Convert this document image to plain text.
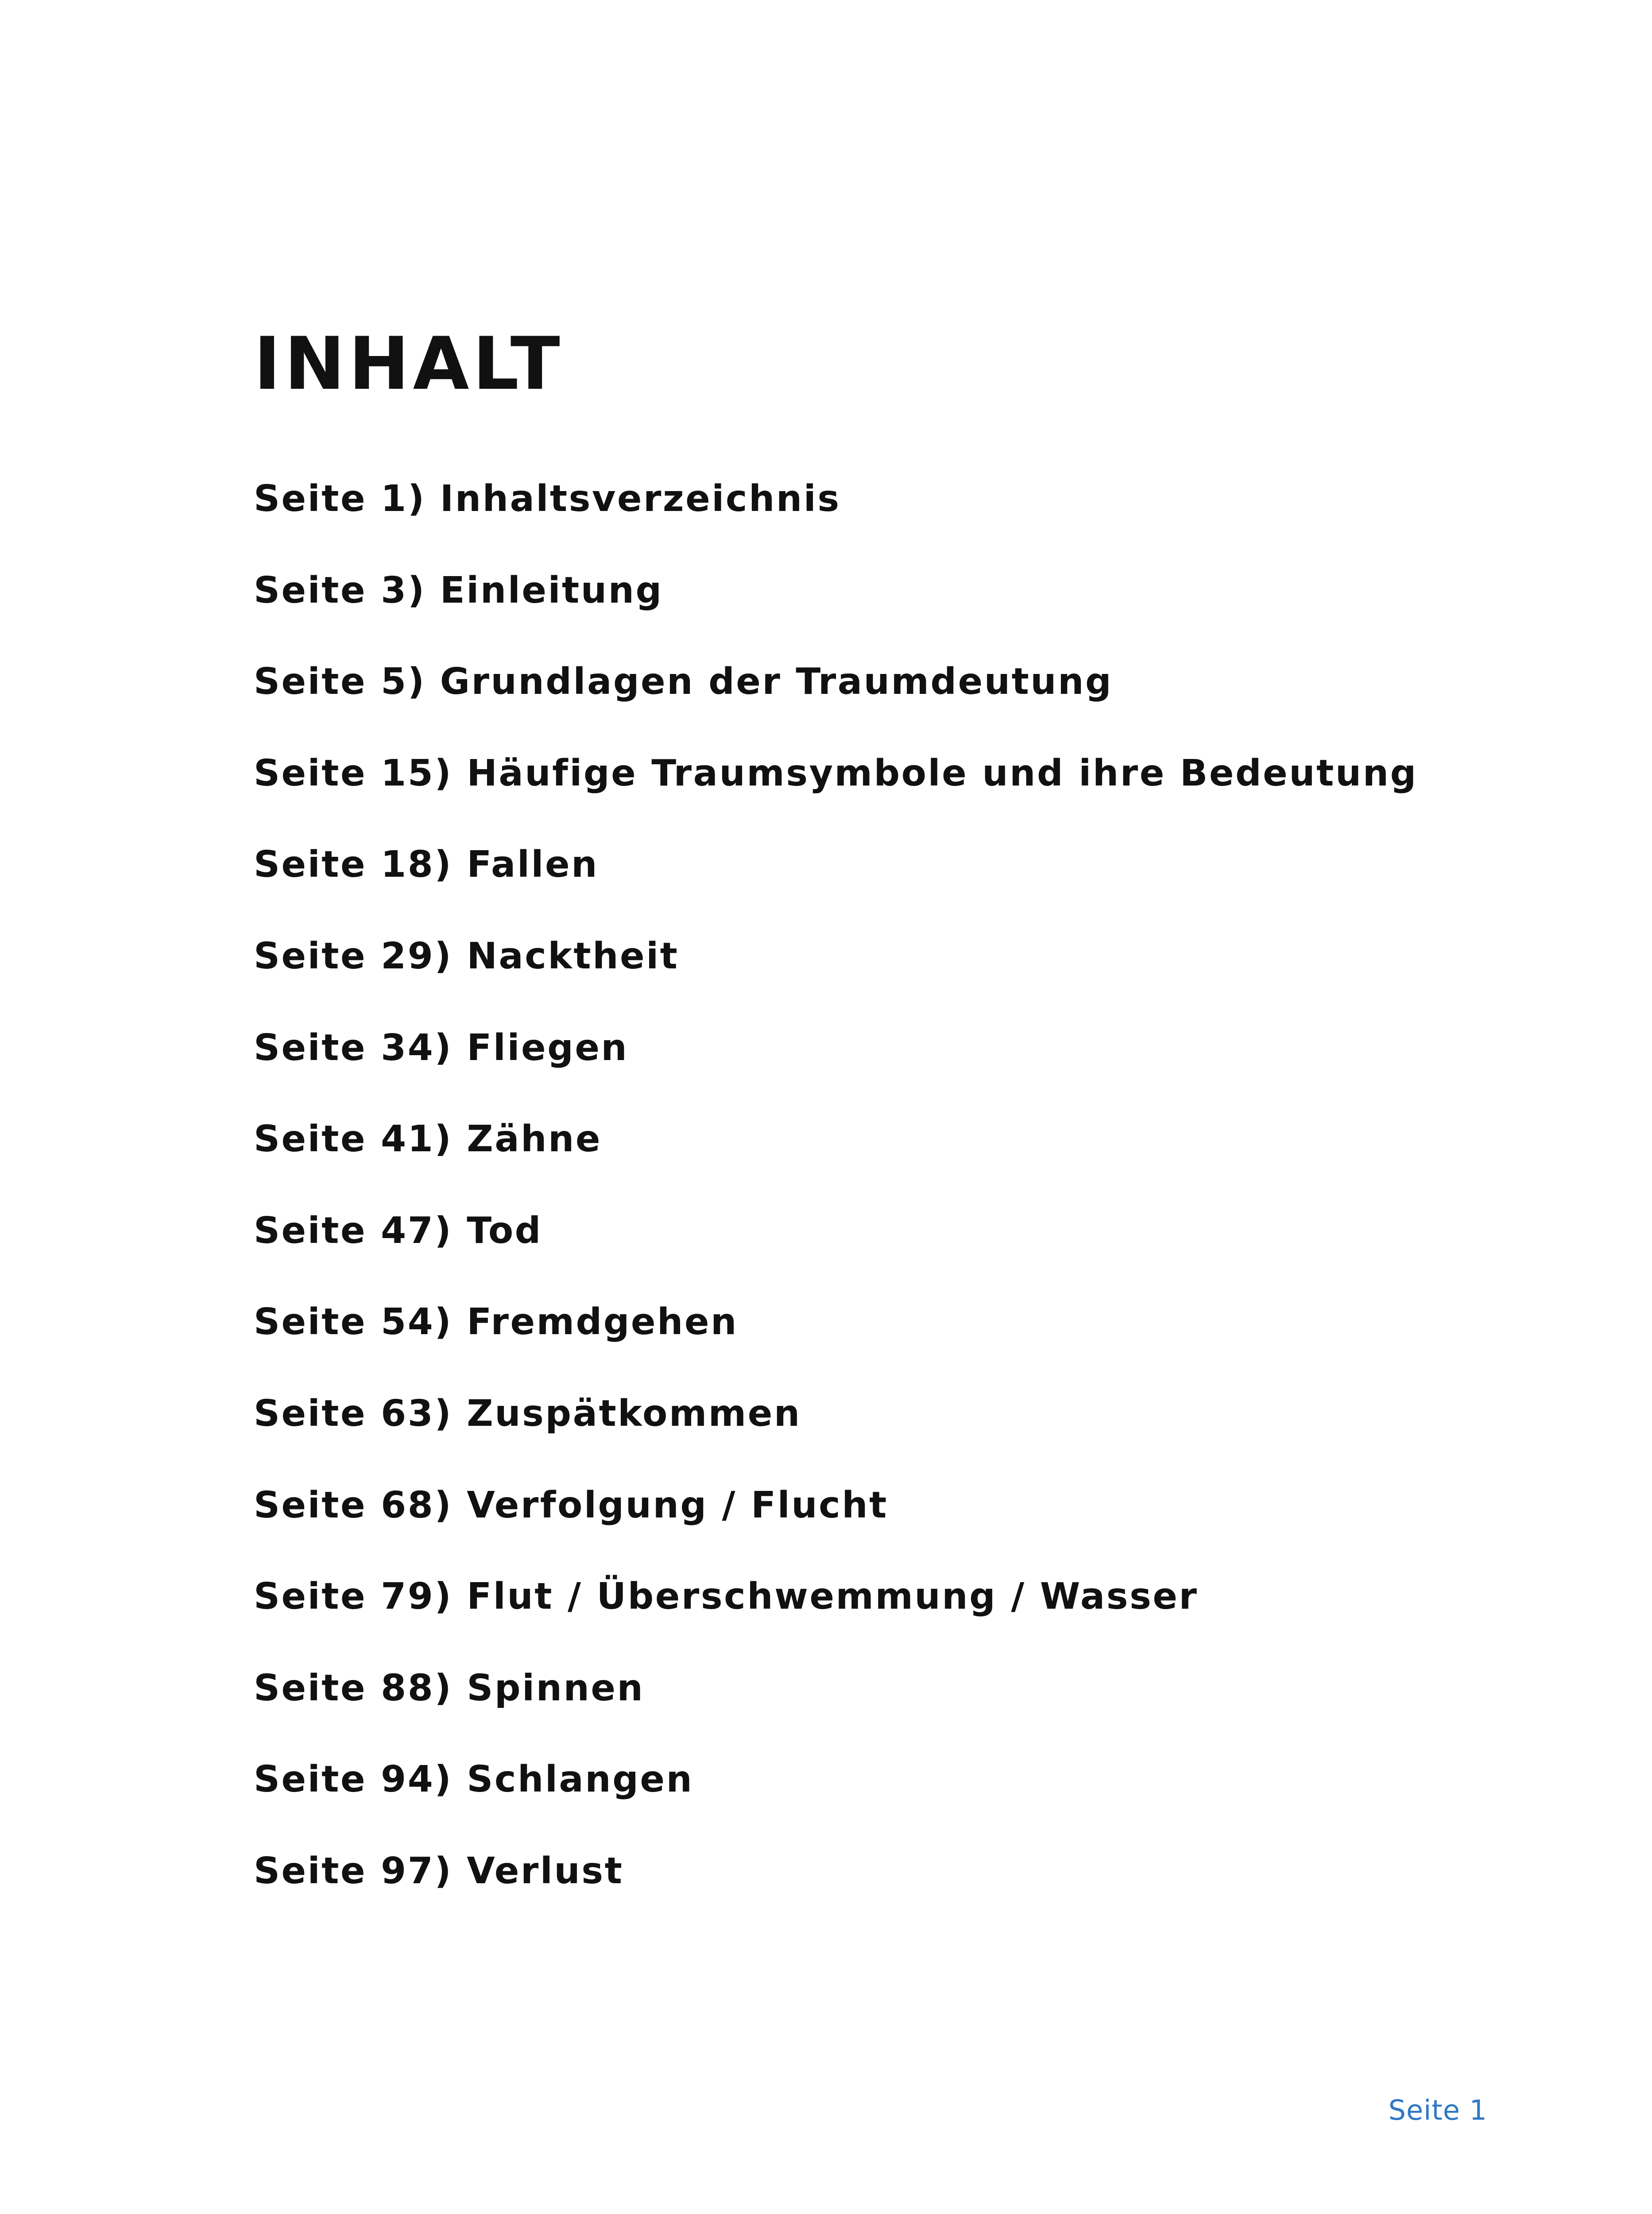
INHALT
Seite 1) Inhaltsverzeichnis
Seite 3) Einleitung
Seite 5) Grundlagen der Traumdeutung
Seite 15) Häufige Traumsymbole und ihre Bedeutung
Seite 18) Fallen
Seite 29) Nacktheit
Seite 34) Fliegen
Seite 41) Zähne
Seite 47) Tod
Seite 54) Fremdgehen
Seite 63) Zuspätkommen
Seite 68) Verfolgung / Flucht
Seite 79) Flut / Überschwemmung / Wasser
Seite 88) Spinnen
Seite 94) Schlangen
Seite 97) Verlust
Seite 1
